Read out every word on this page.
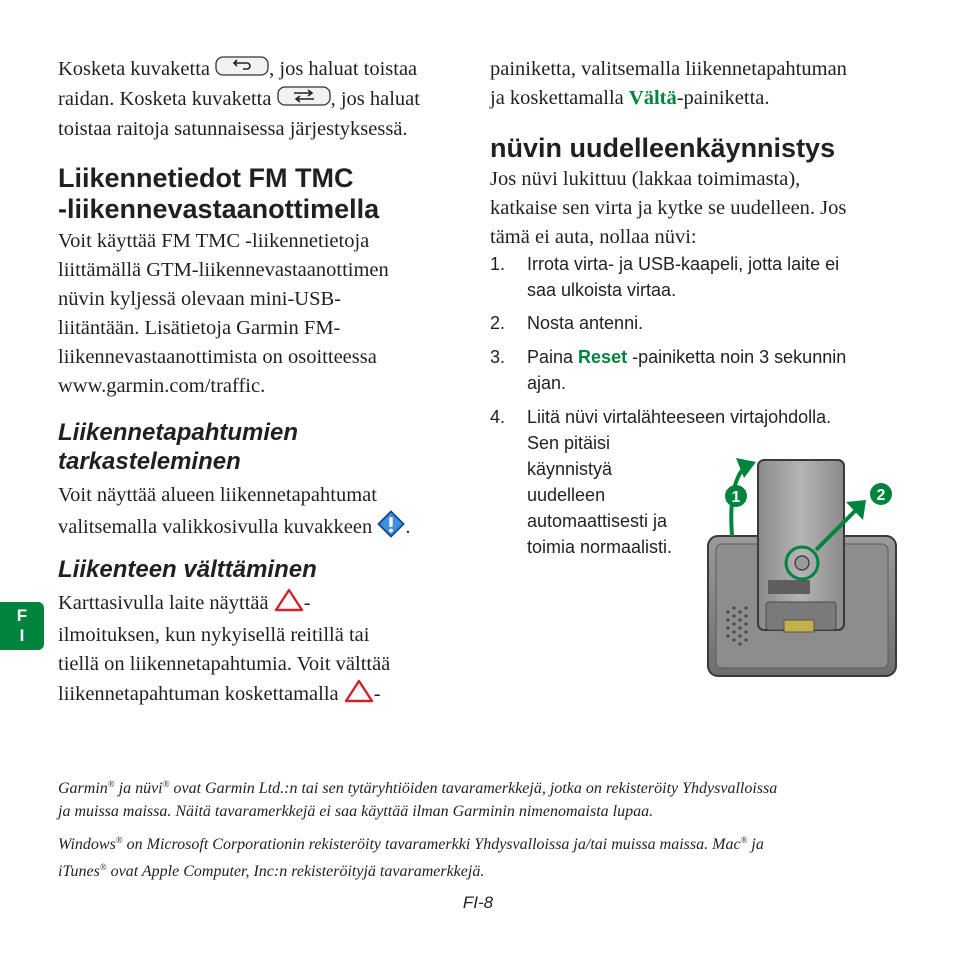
Kosketa kuvaketta	, jos haluat toistaa
raidan. Kosketa kuvaketta	, jos haluat
toistaa raitoja satunnaisessa järjestyksessä.
Liikennetiedot FM TMC
-liikennevastaanottimella
Voit käyttää FM TMC -liikennetietoja
liittämällä GTM-liikennevastaanottimen
nüvin kyljessä olevaan mini-USB-
liitäntään. Lisätietoja Garmin FM-
liikennevastaanottimista on osoitteessa
www.garmin.com/traffic.
Liikennetapahtumien
tarkasteleminen
Voit näyttää alueen liikennetapahtumat
valitsemalla valikkosivulla kuvakkeen .
Liikenteen välttäminen
Karttasivulla laite näyttää -
ilmoituksen, kun nykyisellä reitillä tai
tiellä on liikennetapahtumia. Voit välttää
liikennetapahtuman koskettamalla -
F
I
painiketta, valitsemalla liikennetapahtuman
ja koskettamalla Vältä-painiketta.
nüvin uudelleenkäynnistys
Jos nüvi lukittuu (lakkaa toimimasta),
katkaise sen virta ja kytke se uudelleen. Jos
tämä ei auta, nollaa nüvi:
1.	Irrota virta- ja USB-kaapeli, jotta laite ei
saa ulkoista virtaa.
2.	Nosta antenni.
3.	Paina Reset -painiketta noin 3 sekunnin
ajan.
4.	Liitä nüvi virtalähteeseen virtajohdolla.
Sen pitäisi
käynnistyä
uudelleen
automaattisesti ja
toimia normaalisti.
1	2
Garmin® ja nüvi® ovat Garmin Ltd.:n tai sen tytäryhtiöiden tavaramerkkejä, jotka on rekisteröity Yhdysvalloissa
ja muissa maissa. Näitä tavaramerkkejä ei saa käyttää ilman Garminin nimenomaista lupaa.
Windows® on Microsoft Corporationin rekisteröity tavaramerkki Yhdysvalloissa ja/tai muissa maissa. Mac® ja
iTunes® ovat Apple Computer, Inc:n rekisteröityjä tavaramerkkejä.
FI-8
